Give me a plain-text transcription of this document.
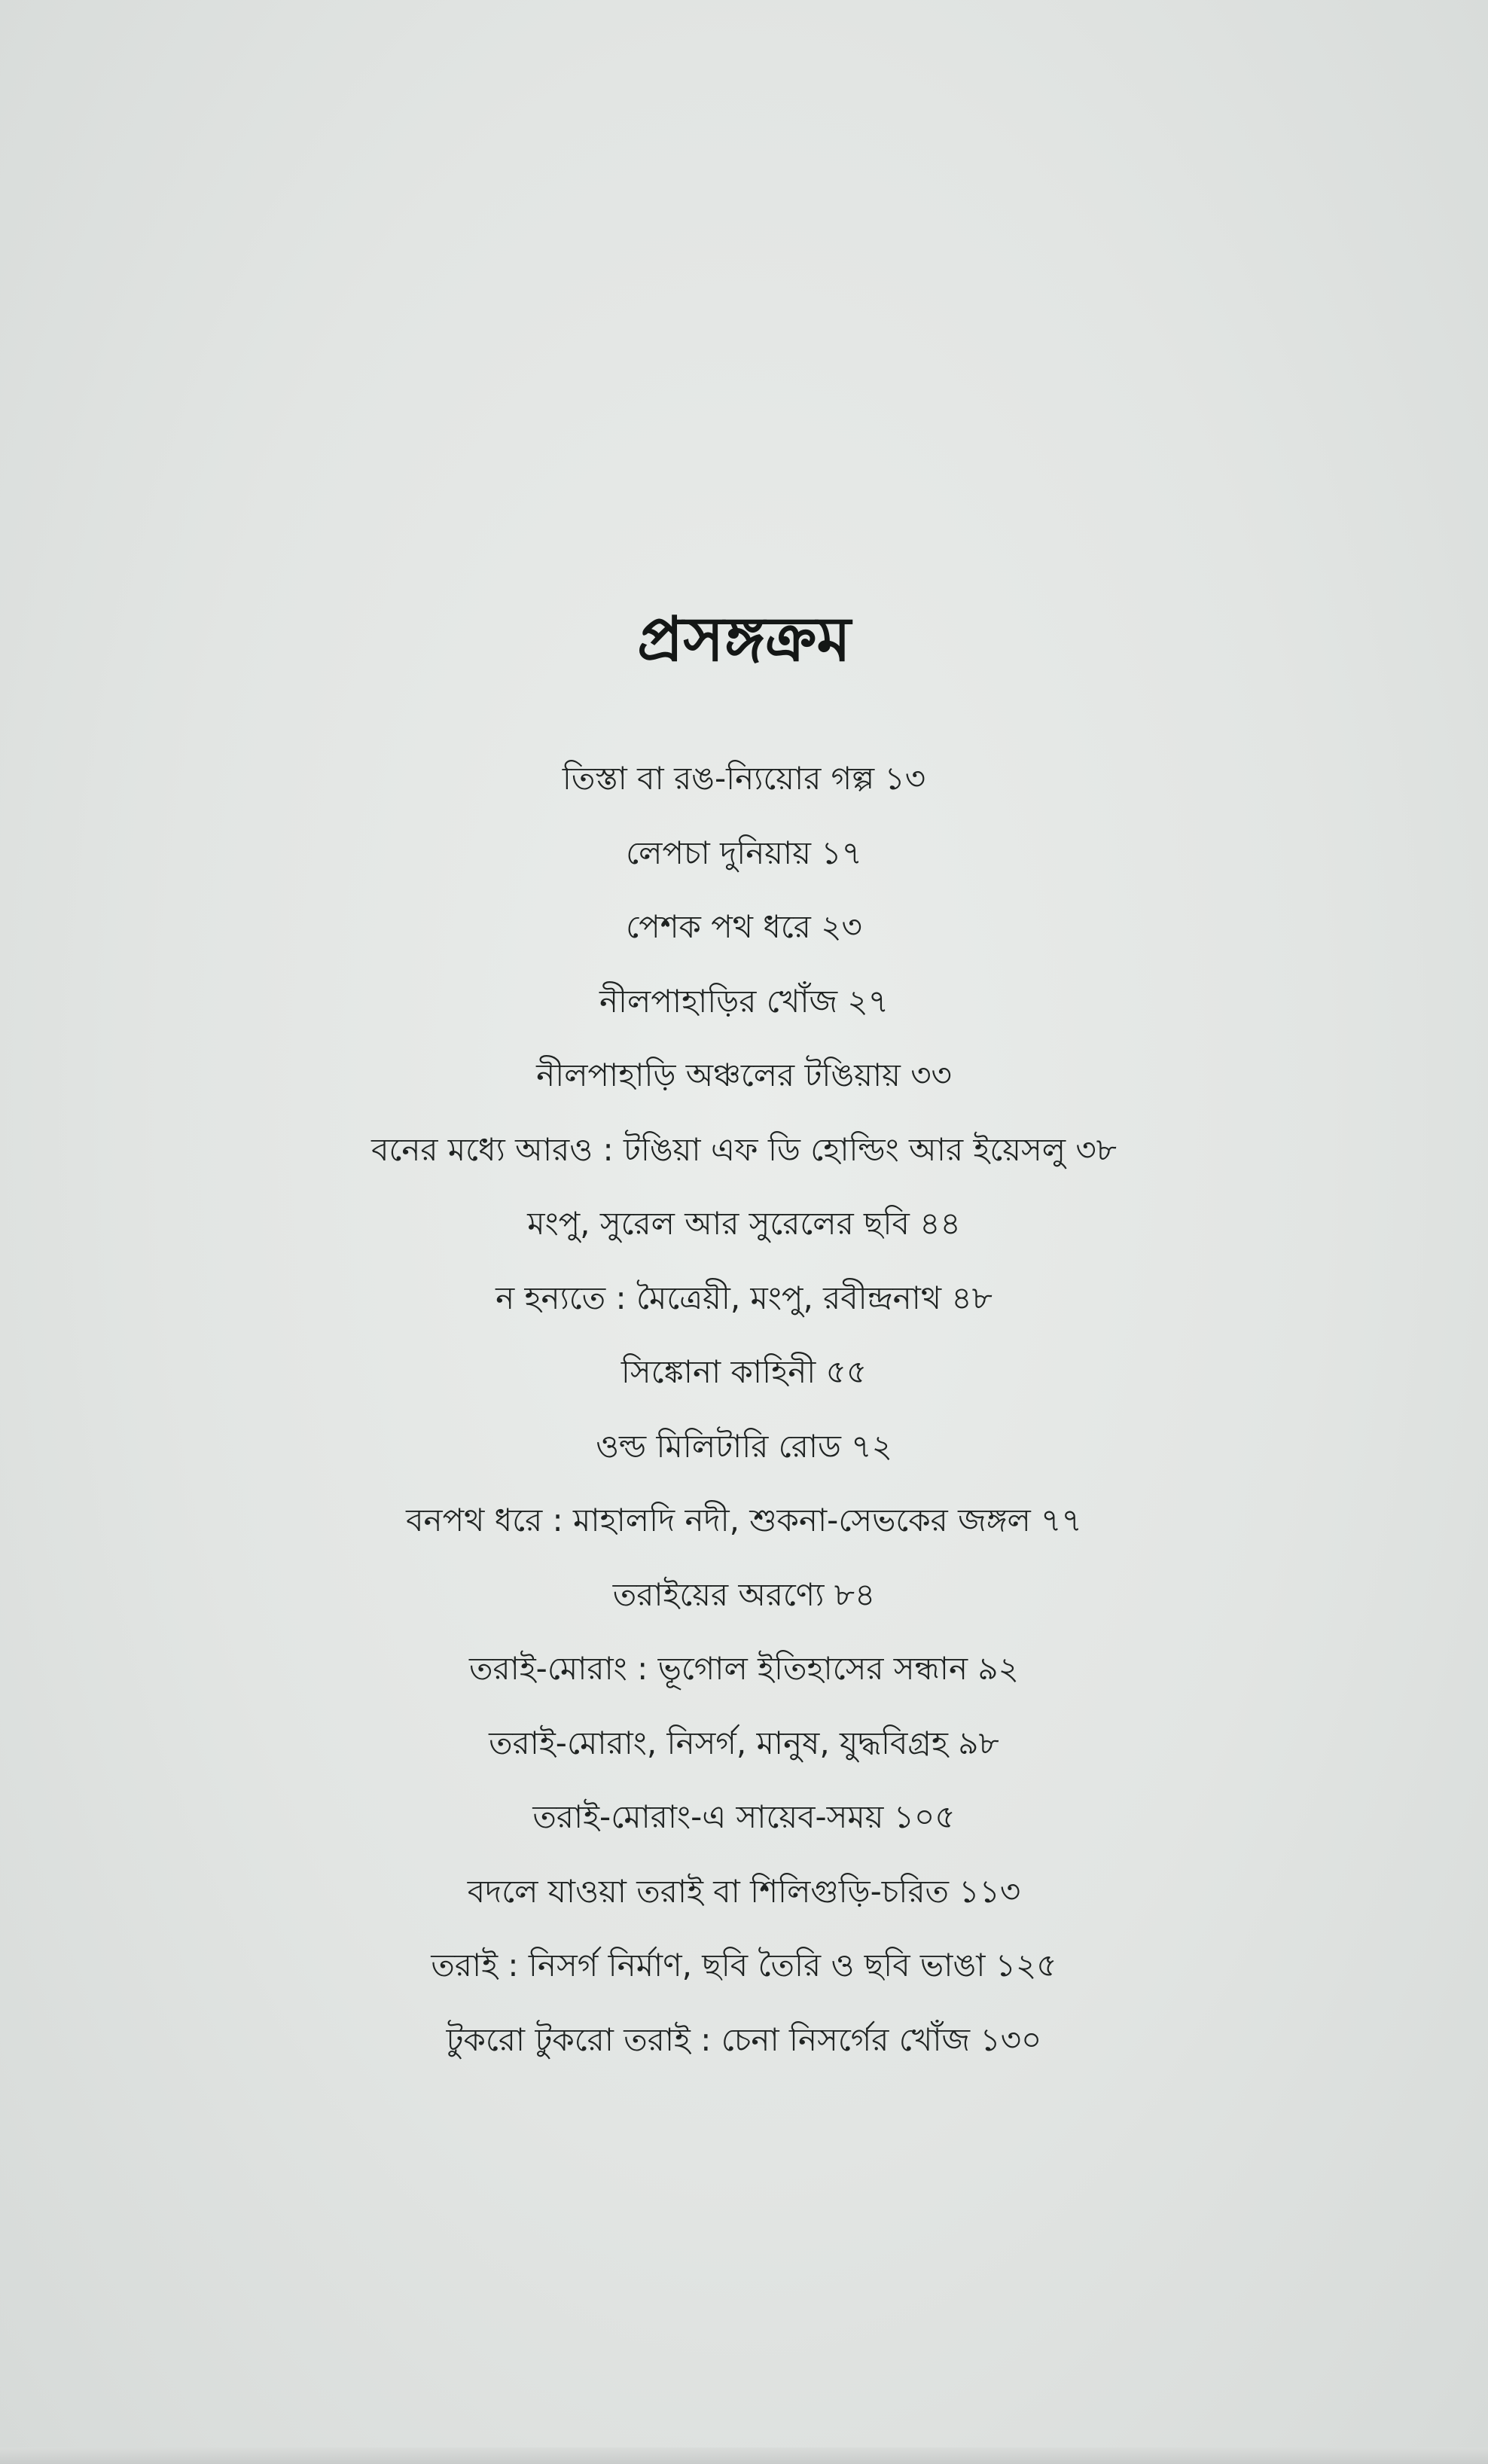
প্রসঙ্গক্রম
তিস্তা বা রঙ-ন্যিয়োর গল্প ১৩
লেপচা দুনিয়ায় ১৭
পেশক পথ ধরে ২৩
নীলপাহাড়ির খোঁজ ২৭
নীলপাহাড়ি অঞ্চলের টঙিয়ায় ৩৩
বনের মধ্যে আরও : টঙিয়া এফ ডি হোল্ডিং আর ইয়েসলু ৩৮
মংপু, সুরেল আর সুরেলের ছবি ৪৪
ন হন্যতে : মৈত্রেয়ী, মংপু, রবীন্দ্রনাথ ৪৮
সিঙ্কোনা কাহিনী ৫৫
ওল্ড মিলিটারি রোড ৭২
বনপথ ধরে : মাহালদি নদী, শুকনা-সেভকের জঙ্গল ৭৭
তরাইয়ের অরণ্যে ৮৪
তরাই-মোরাং : ভূগোল ইতিহাসের সন্ধান ৯২
তরাই-মোরাং, নিসর্গ, মানুষ, যুদ্ধবিগ্রহ ৯৮
তরাই-মোরাং-এ সায়েব-সময় ১০৫
বদলে যাওয়া তরাই বা শিলিগুড়ি-চরিত ১১৩
তরাই : নিসর্গ নির্মাণ, ছবি তৈরি ও ছবি ভাঙা ১২৫
টুকরো টুকরো তরাই : চেনা নিসর্গের খোঁজ ১৩০
